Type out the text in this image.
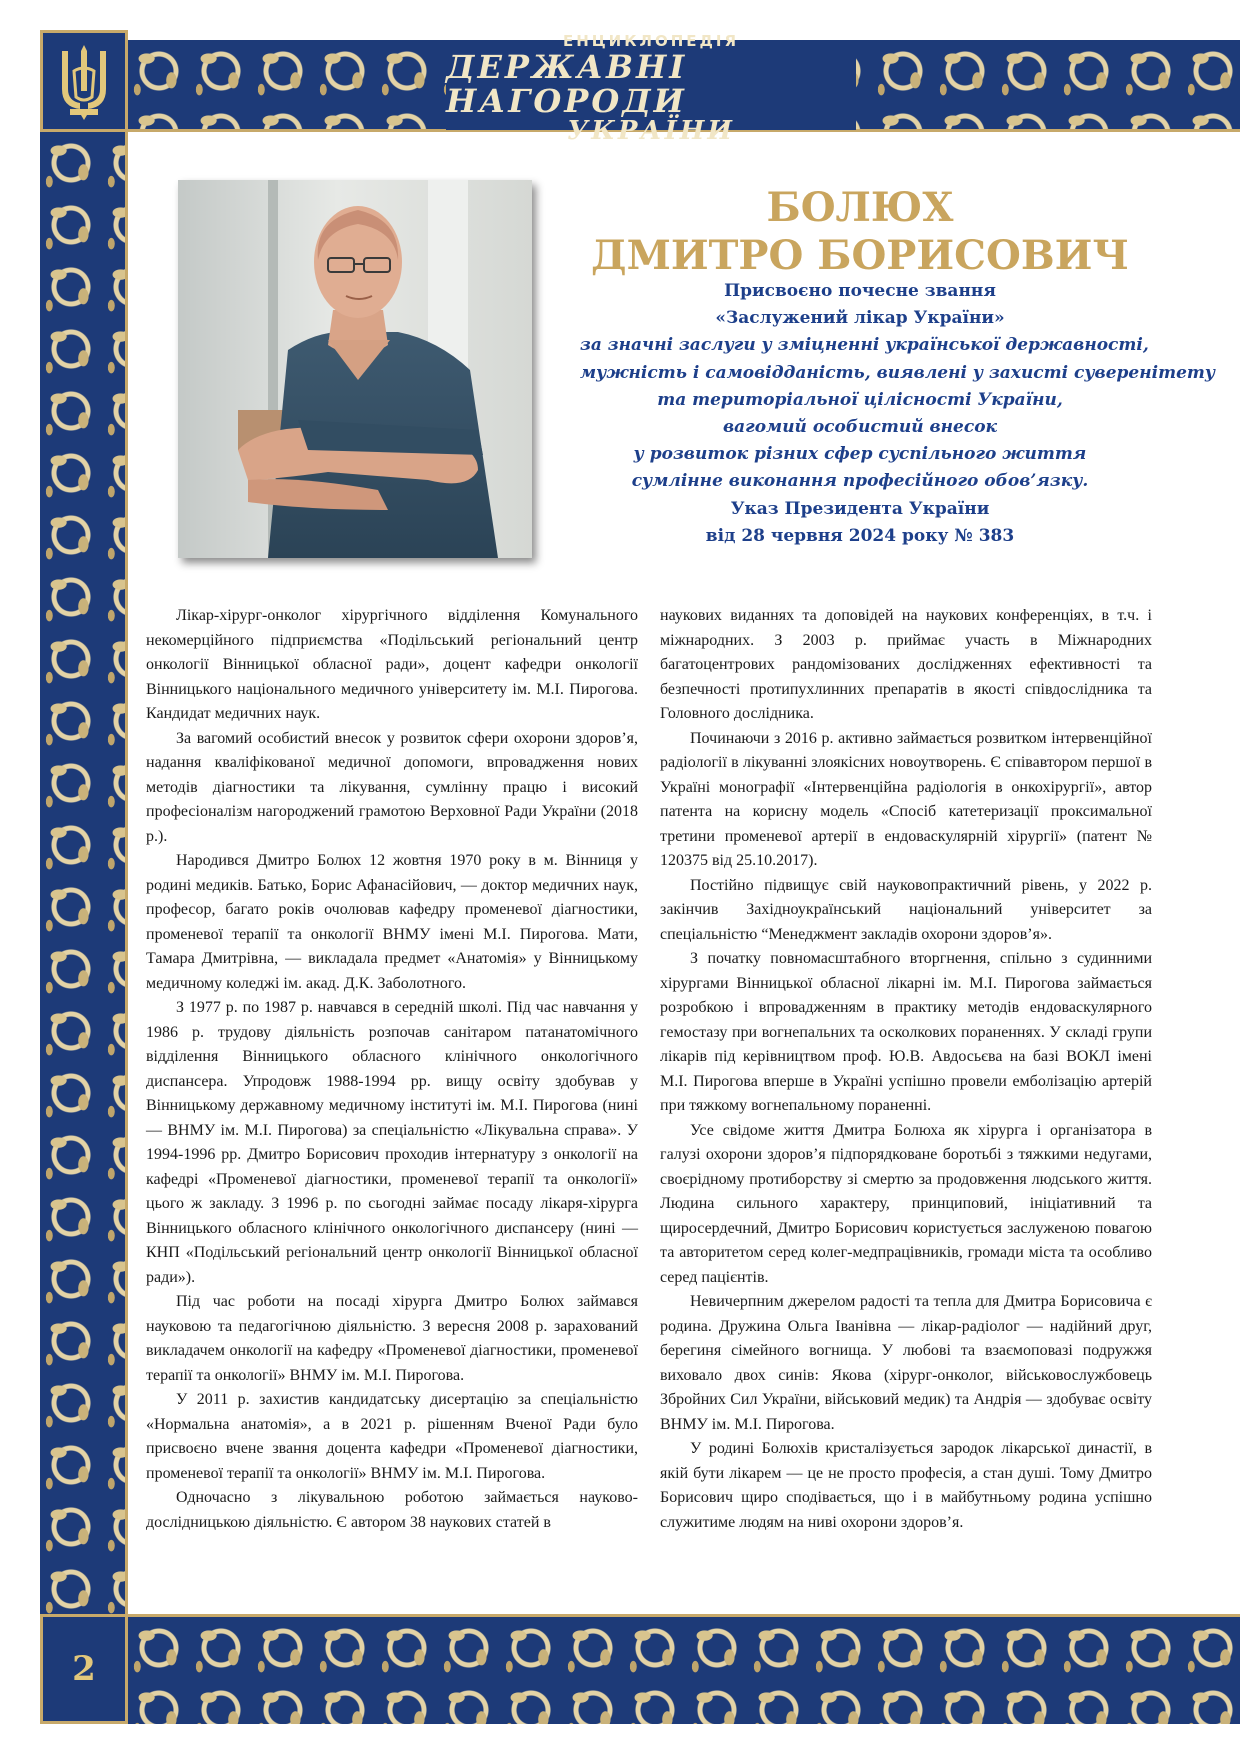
2
ЕНЦИКЛОПЕДІЯ
ДЕРЖАВНІ НАГОРОДИ
УКРАЇНИ
БОЛЮХ
ДМИТРО БОРИСОВИЧ
Присвоєно почесне звання
«Заслужений лікар України»
за значні заслуги у зміцненні української державності,
мужність і самовідданість, виявлені у захисті суверенітету
та територіальної цілісності України,
вагомий особистий внесок
у розвиток різних сфер суспільного життя
сумлінне виконання професійного обов’язку.
Указ Президента України
від 28 червня 2024 року № 383

Лікар-хірург-онколог хірургічного відділення Комунального некомерційного підприємства «Подільський регіональний центр онкології Вінницької обласної ради», доцент кафедри онкології Вінницького національного медичного університету ім. М.І. Пирогова. Кандидат медичних наук.

За вагомий особистий внесок у розвиток сфери охорони здоров’я, надання кваліфікованої медичної допомоги, впровадження нових методів діагностики та лікування, сумлінну працю і високий професіоналізм нагороджений грамотою Верховної Ради України (2018 р.).

Народився Дмитро Болюх 12 жовтня 1970 року в м. Вінниця у родині медиків. Батько, Борис Афанасійович, — доктор медичних наук, професор, багато років очолював кафедру променевої діагностики, променевої терапії та онкології ВНМУ імені М.І. Пирогова. Мати, Тамара Дмитрівна, — викладала предмет «Анатомія» у Вінницькому медичному коледжі ім. акад. Д.К. Заболотного.

З 1977 р. по 1987 р. навчався в середній школі. Під час навчання у 1986 р. трудову діяльність розпочав санітаром патанатомічного відділення Вінницького обласного клінічного онкологічного диспансера. Упродовж 1988-1994 рр. вищу освіту здобував у Вінницькому державному медичному інституті ім. М.І. Пирогова (нині — ВНМУ ім. М.І. Пирогова) за спеціальністю «Лікувальна справа». У 1994-1996 рр. Дмитро Борисович проходив інтернатуру з онкології на кафедрі «Променевої діагностики, променевої терапії та онкології» цього ж закладу. З 1996 р. по сьогодні займає посаду лікаря-хірурга Вінницького обласного клінічного онкологічного диспансеру (нині — КНП «Подільський регіональний центр онкології Вінницької обласної ради»).

Під час роботи на посаді хірурга Дмитро Болюх займався науковою та педагогічною діяльністю. З вересня 2008 р. зарахований викладачем онкології на кафедру «Променевої діагностики, променевої терапії та онкології» ВНМУ ім. М.І. Пирогова.

У 2011 р. захистив кандидатську дисертацію за спеціальністю «Нормальна анатомія», а в 2021 р. рішенням Вченої Ради було присвоєно вчене звання доцента кафедри «Променевої діагностики, променевої терапії та онкології» ВНМУ ім. М.І. Пирогова.

Одночасно з лікувальною роботою займається науково-дослідницькою діяльністю. Є автором 38 наукових статей в

наукових виданнях та доповідей на наукових конференціях, в т.ч. і міжнародних. З 2003 р. приймає участь в Міжнародних багатоцентрових рандомізованих дослідженнях ефективності та безпечності протипухлинних препаратів в якості співдослідника та Головного дослідника.

Починаючи з 2016 р. активно займається розвитком інтервенційної радіології в лікуванні злоякісних новоутворень. Є співавтором першої в Україні монографії «Інтервенційна радіологія в онкохірургії», автор патента на корисну модель «Спосіб катетеризації проксимальної третини променевої артерії в ендоваскулярній хірургії» (патент № 120375 від 25.10.2017).

Постійно підвищує свій науковопрактичний рівень, у 2022 р. закінчив Західноукраїнський національний університет за спеціальністю “Менеджмент закладів охорони здоров’я».

З початку повномасштабного вторгнення, спільно з судинними хірургами Вінницької обласної лікарні ім. М.І. Пирогова займається розробкою і впровадженням в практику методів ендоваскулярного гемостазу при вогнепальних та осколкових пораненнях. У складі групи лікарів під керівництвом проф. Ю.В. Авдосьєва на базі ВОКЛ імені М.І. Пирогова вперше в Україні успішно провели емболізацію артерій при тяжкому вогнепальному пораненні.

Усе свідоме життя Дмитра Болюха як хірурга і організатора в галузі охорони здоров’я підпорядковане боротьбі з тяжкими недугами, своєрідному протиборству зі смертю за продовження людського життя. Людина сильного характеру, принциповий, ініціативний та щиросердечний, Дмитро Борисович користується заслуженою повагою та авторитетом серед колег-медпрацівників, громади міста та особливо серед пацієнтів.

Невичерпним джерелом радості та тепла для Дмитра Борисовича є родина. Дружина Ольга Іванівна — лікар-радіолог — надійний друг, берегиня сімейного вогнища. У любові та взаємоповазі подружжя виховало двох синів: Якова (хірург-онколог, військовослужбовець Збройних Сил України, військовий медик) та Андрія — здобуває освіту ВНМУ ім. М.І. Пирогова.

У родині Болюхів кристалізується зародок лікарської династії, в якій бути лікарем — це не просто професія, а стан душі. Тому Дмитро Борисович щиро сподівається, що і в майбутньому родина успішно служитиме людям на ниві охорони здоров’я.
